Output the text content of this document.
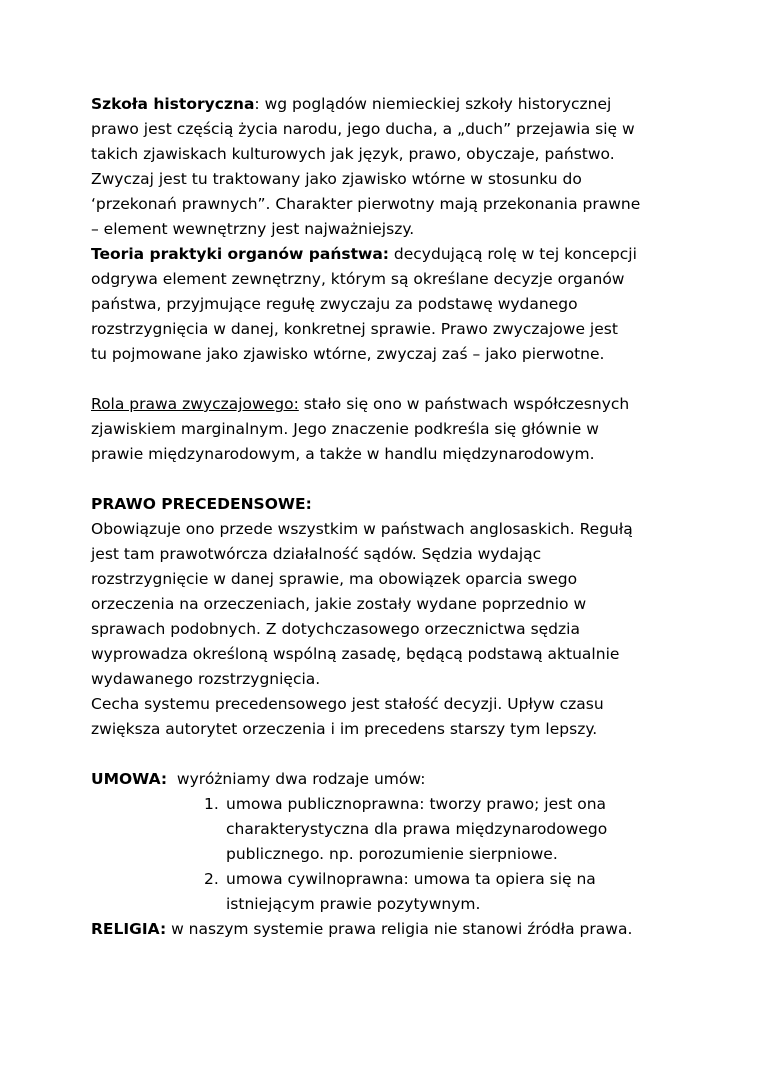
Szkoła historyczna: wg poglądów niemieckiej szkoły historycznej
prawo jest częścią życia narodu, jego ducha, a „duch” przejawia się w
takich zjawiskach kulturowych jak język, prawo, obyczaje, państwo.
Zwyczaj jest tu traktowany jako zjawisko wtórne w stosunku do
‘przekonań prawnych”. Charakter pierwotny mają przekonania prawne
– element wewnętrzny jest najważniejszy.
Teoria praktyki organów państwa: decydującą rolę w tej koncepcji
odgrywa element zewnętrzny, którym są określane decyzje organów
państwa, przyjmujące regułę zwyczaju za podstawę wydanego
rozstrzygnięcia w danej, konkretnej sprawie. Prawo zwyczajowe jest
tu pojmowane jako zjawisko wtórne, zwyczaj zaś – jako pierwotne.
Rola prawa zwyczajowego: stało się ono w państwach współczesnych
zjawiskiem marginalnym. Jego znaczenie podkreśla się głównie w
prawie międzynarodowym, a także w handlu międzynarodowym.
PRAWO PRECEDENSOWE:
Obowiązuje ono przede wszystkim w państwach anglosaskich. Regułą
jest tam prawotwórcza działalność sądów. Sędzia wydając
rozstrzygnięcie w danej sprawie, ma obowiązek oparcia swego
orzeczenia na orzeczeniach, jakie zostały wydane poprzednio w
sprawach podobnych. Z dotychczasowego orzecznictwa sędzia
wyprowadza określoną wspólną zasadę, będącą podstawą aktualnie
wydawanego rozstrzygnięcia.
Cecha systemu precedensowego jest stałość decyzji. Upływ czasu
zwiększa autorytet orzeczenia i im precedens starszy tym lepszy.
UMOWA:  wyróżniamy dwa rodzaje umów:
1. umowa publicznoprawna: tworzy prawo; jest ona
charakterystyczna dla prawa międzynarodowego
publicznego. np. porozumienie sierpniowe.
2. umowa cywilnoprawna: umowa ta opiera się na
istniejącym prawie pozytywnym.
RELIGIA: w naszym systemie prawa religia nie stanowi źródła prawa.
